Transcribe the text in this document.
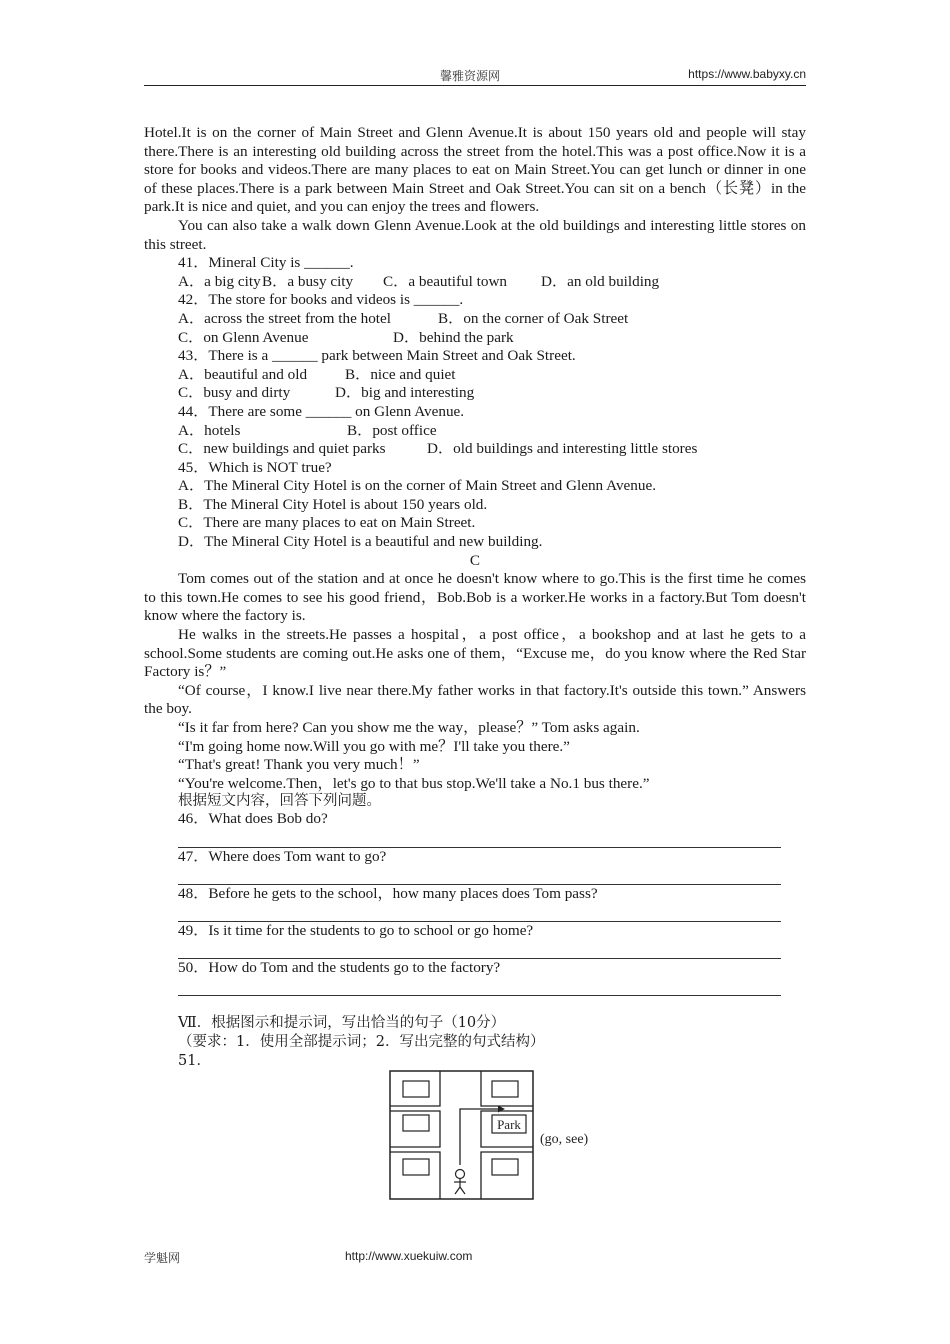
馨雅资源网	https://www.babyxy.cn

Hotel.It is on the corner of Main Street and Glenn Avenue.It is about 150 years old and people will stay there.There is an interesting old building across the street from the hotel.This was a post office.Now it is a store for books and videos.There are many places to eat on Main Street.You can get lunch or dinner in one of these places.There is a park between Main Street and Oak Street.You can sit on a bench（长凳）in the park.It is nice and quiet, and you can enjoy the trees and flowers.

You can also take a walk down Glenn Avenue.Look at the old buildings and interesting little stores on this street.

41．Mineral City is ______.

A．a big cityB．a busy city C．a beautiful town D．an old building

42．The store for books and videos is ______.

A．across the street from the hotel	B．on the corner of Oak Street

C．on Glenn Avenue	D．behind the park

43．There is a ______ park between Main Street and Oak Street.

A．beautiful and old B．nice and quiet

C．busy and dirty	D．big and interesting

44．There are some ______ on Glenn Avenue.

A．hotels	B．post office

C．new buildings and quiet parks	D．old buildings and interesting little stores

45．Which is NOT true?

A．The Mineral City Hotel is on the corner of Main Street and Glenn Avenue.

B．The Mineral City Hotel is about 150 years old.

C．There are many places to eat on Main Street.

D．The Mineral City Hotel is a beautiful and new building.

C

Tom comes out of the station and at once he doesn't know where to go.This is the first time he comes to this town.He comes to see his good friend，Bob.Bob is a worker.He works in a factory.But Tom doesn't know where the factory is.

He walks in the streets.He passes a hospital，a post office，a bookshop and at last he gets to a school.Some students are coming out.He asks one of them，“Excuse me，do you know where the Red Star Factory is？”

“Of course，I know.I live near there.My father works in that factory.It's outside this town.” Answers the boy.

“Is it far from here? Can you show me the way，please？” Tom asks again.

“I'm going home now.Will you go with me？I'll take you there.”

“That's great! Thank you very much！”

“You're welcome.Then，let's go to that bus stop.We'll take a No.1 bus there.”

根据短文内容，回答下列问题。

46．What does Bob do?

47．Where does Tom want to go?

48．Before he gets to the school，how many places does Tom pass?

49．Is it time for the students to go to school or go home?

50．How do Tom and the students go to the factory?

Ⅶ．根据图示和提示词，写出恰当的句子（10分）

（要求：1．使用全部提示词；2．写出完整的句式结构）

51．

Park
(go, see)
学魁网	http://www.xuekuiw.com
